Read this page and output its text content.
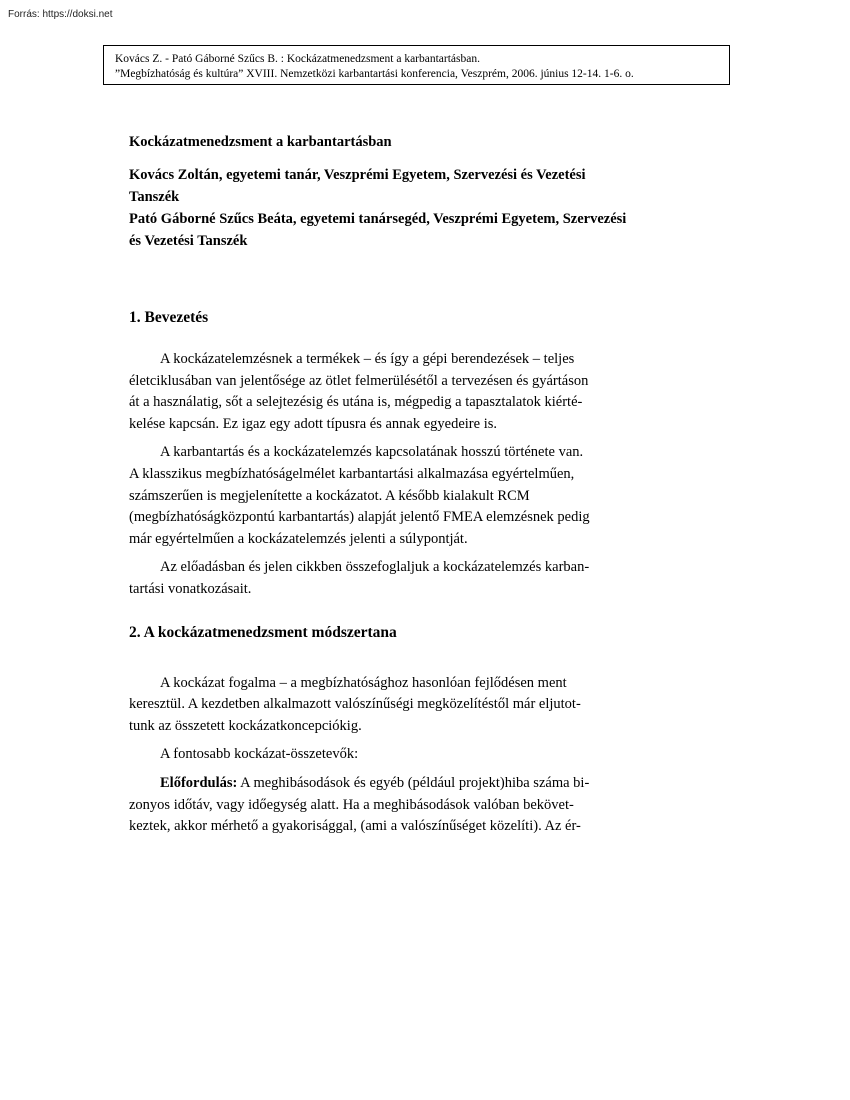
Forrás: https://doksi.net
Kovács Z. - Pató Gáborné Szűcs B. : Kockázatmenedzsment a karbantartásban.
”Megbízhatóság és kultúra” XVIII. Nemzetközi karbantartási konferencia, Veszprém, 2006. június 12-14. 1-6. o.

Kockázatmenedzsment a karbantartásban

Kovács Zoltán, egyetemi tanár, Veszprémi Egyetem, Szervezési és Vezetési Tanszék

Pató Gáborné Szűcs Beáta, egyetemi tanársegéd, Veszprémi Egyetem, Szervezési és Vezetési Tanszék

1. Bevezetés

A kockázatelemzésnek a termékek – és így a gépi berendezések – teljes
életciklusában van jelentősége az ötlet felmerülésétől a tervezésen és gyártáson
át a használatig, sőt a selejtezésig és utána is, mégpedig a tapasztalatok kiérté-
kelése kapcsán. Ez igaz egy adott típusra és annak egyedeire is.

A karbantartás és a kockázatelemzés kapcsolatának hosszú története van.
A klasszikus megbízhatóságelmélet karbantartási alkalmazása egyértelműen,
számszerűen is megjelenítette a kockázatot. A később kialakult RCM
(megbízhatóságközpontú karbantartás) alapját jelentő FMEA elemzésnek pedig
már egyértelműen a kockázatelemzés jelenti a súlypontját.

Az előadásban és jelen cikkben összefoglaljuk a kockázatelemzés karban-
tartási vonatkozásait.

2. A kockázatmenedzsment módszertana

A kockázat fogalma – a megbízhatósághoz hasonlóan fejlődésen ment
keresztül. A kezdetben alkalmazott valószínűségi megközelítéstől már eljutot-
tunk az összetett kockázatkoncepciókig.

A fontosabb kockázat-összetevők:

Előfordulás: A meghibásodások és egyéb (például projekt)hiba száma bi-
zonyos időtáv, vagy időegység alatt. Ha a meghibásodások valóban bekövet-
keztek, akkor mérhető a gyakorisággal, (ami a valószínűséget közelíti). Az ér-
